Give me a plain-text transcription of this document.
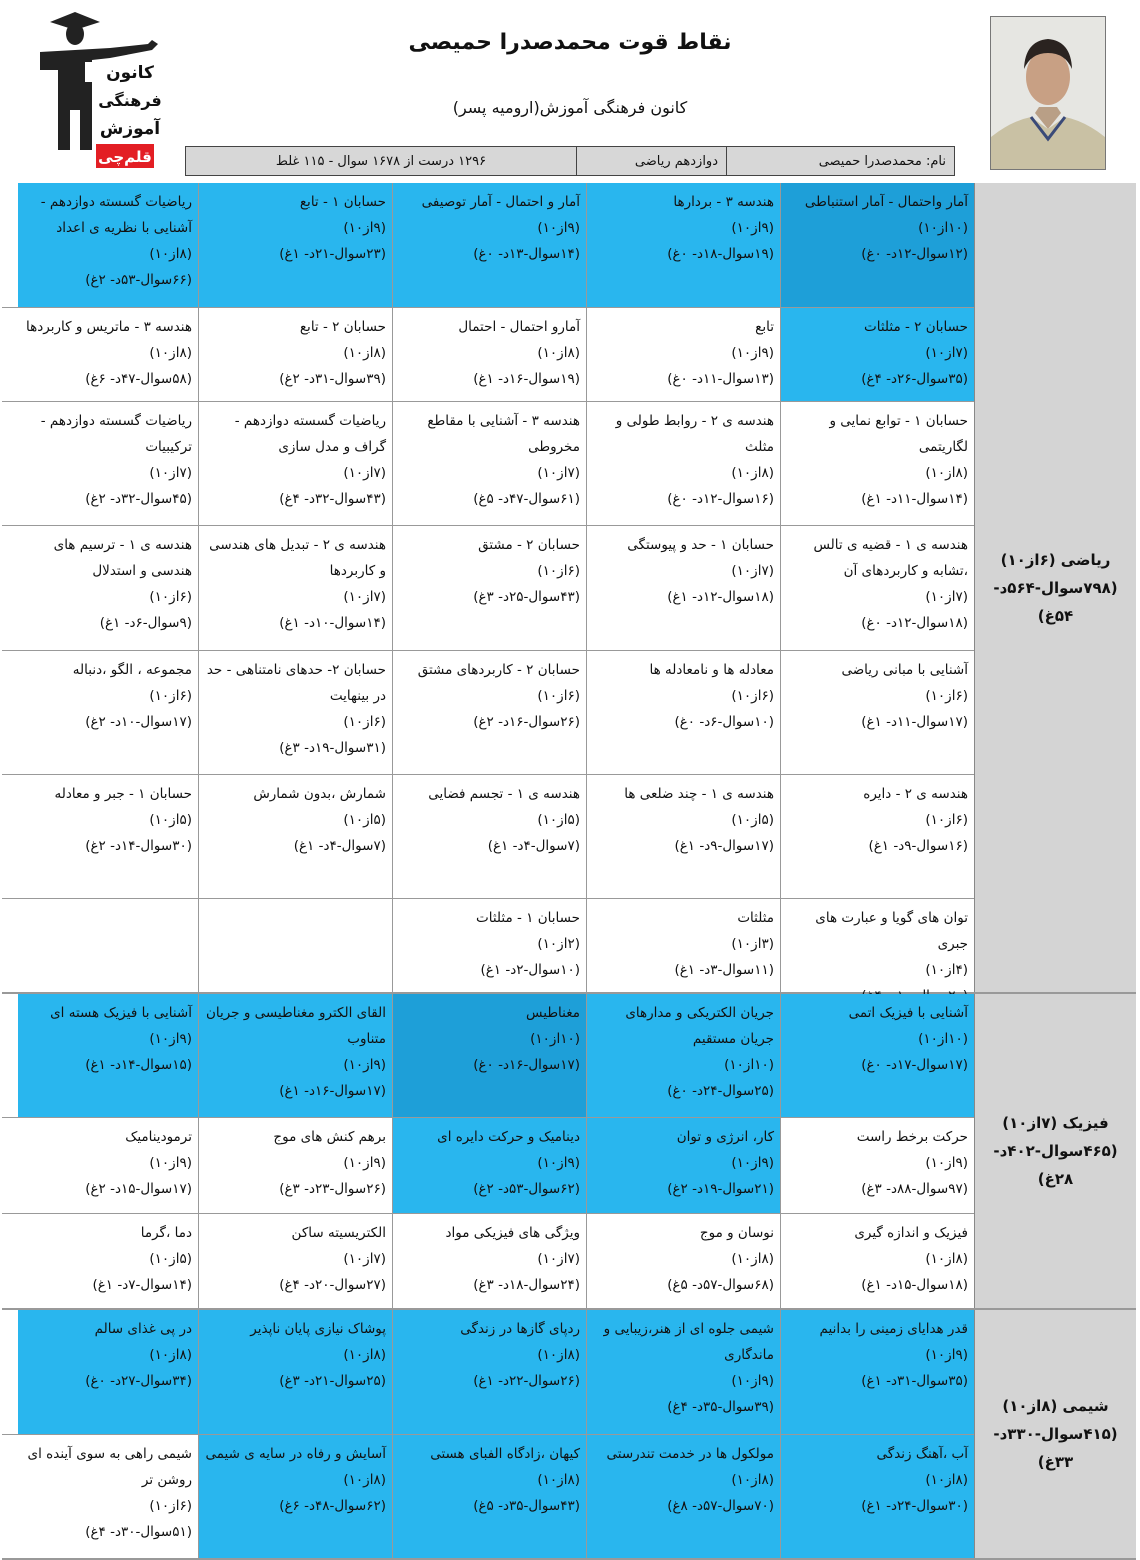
کانون
فرهنگی
آموزش
قلم‌چی
نقاط قوت محمدصدرا حمیصی
کانون فرهنگی آموزش(ارومیه پسر)
نام: محمدصدرا حمیصی
دوازدهم ریاضی
۱۲۹۶ درست از ۱۶۷۸ سوال - ۱۱۵ غلط
ریاضی (۶از۱۰) (۷۹۸سوال-۵۶۴د- ۵۴غ)
آمار واحتمال - آمار استنباطی
(۱۰از۱۰)
(۱۲سوال-۱۲د- ۰غ)
هندسه ۳ - بردارها
(۹از۱۰)
(۱۹سوال-۱۸د- ۰غ)
آمار و احتمال - آمار توصیفی
(۹از۱۰)
(۱۴سوال-۱۳د- ۰غ)
حسابان ۱ - تابع
(۹از۱۰)
(۲۳سوال-۲۱د- ۱غ)
ریاضیات گسسته دوازدهم - آشنایی با نظریه ی اعداد
(۸از۱۰)
(۶۶سوال-۵۳د- ۲غ)
حسابان ۲ - مثلثات
(۷از۱۰)
(۳۵سوال-۲۶د- ۴غ)
تابع
(۹از۱۰)
(۱۳سوال-۱۱د- ۰غ)
آمارو احتمال - احتمال
(۸از۱۰)
(۱۹سوال-۱۶د- ۱غ)
حسابان ۲ - تابع
(۸از۱۰)
(۳۹سوال-۳۱د- ۲غ)
هندسه ۳ - ماتریس و کاربردها
(۸از۱۰)
(۵۸سوال-۴۷د- ۶غ)
حسابان ۱ - توابع نمایی و لگاریتمی
(۸از۱۰)
(۱۴سوال-۱۱د- ۱غ)
هندسه ی ۲ - روابط طولی و مثلث
(۸از۱۰)
(۱۶سوال-۱۲د- ۰غ)
هندسه ۳ - آشنایی با مقاطع مخروطی
(۷از۱۰)
(۶۱سوال-۴۷د- ۵غ)
ریاضیات گسسته دوازدهم - گراف و مدل سازی
(۷از۱۰)
(۴۳سوال-۳۲د- ۴غ)
ریاضیات گسسته دوازدهم - ترکیبیات
(۷از۱۰)
(۴۵سوال-۳۲د- ۲غ)
هندسه ی ۱ - قضیه ی تالس ،تشابه و کاربردهای آن
(۷از۱۰)
(۱۸سوال-۱۲د- ۰غ)
حسابان ۱ - حد و پیوستگی
(۷از۱۰)
(۱۸سوال-۱۲د- ۱غ)
حسابان ۲ - مشتق
(۶از۱۰)
(۴۳سوال-۲۵د- ۳غ)
هندسه ی ۲ - تبدیل های هندسی و کاربردها
(۷از۱۰)
(۱۴سوال-۱۰د- ۱غ)
هندسه ی ۱ - ترسیم های هندسی و استدلال
(۶از۱۰)
(۹سوال-۶د- ۱غ)
آشنایی با مبانی ریاضی
(۶از۱۰)
(۱۷سوال-۱۱د- ۱غ)
معادله ها و نامعادله ها
(۶از۱۰)
(۱۰سوال-۶د- ۰غ)
حسابان ۲ - کاربردهای مشتق
(۶از۱۰)
(۲۶سوال-۱۶د- ۲غ)
حسابان ۲- حدهای نامتناهی - حد در بینهایت
(۶از۱۰)
(۳۱سوال-۱۹د- ۳غ)
مجموعه ، الگو ،دنباله
(۶از۱۰)
(۱۷سوال-۱۰د- ۲غ)
هندسه ی ۲ - دایره
(۶از۱۰)
(۱۶سوال-۹د- ۱غ)
هندسه ی ۱ - چند ضلعی ها
(۵از۱۰)
(۱۷سوال-۹د- ۱غ)
هندسه ی ۱ - تجسم فضایی
(۵از۱۰)
(۷سوال-۴د- ۱غ)
شمارش ،بدون شمارش
(۵از۱۰)
(۷سوال-۴د- ۱غ)
حسابان ۱ - جبر و معادله
(۵از۱۰)
(۳۰سوال-۱۴د- ۲غ)
توان های گویا و عبارت های جبری
(۴از۱۰)
مثلثات
(۳از۱۰)
(۱۱سوال-۳د- ۱غ)
حسابان ۱ - مثلثات
(۲از۱۰)
(۱۰سوال-۲د- ۱غ)
فیزیک (۷از۱۰) (۴۶۵سوال-۴۰۲د- ۲۸غ)
آشنایی با فیزیک اتمی
(۱۰از۱۰)
(۱۷سوال-۱۷د- ۰غ)
جریان الکتریکی و مدارهای جریان مستقیم
(۱۰از۱۰)
(۲۵سوال-۲۴د- ۰غ)
مغناطیس
(۱۰از۱۰)
(۱۷سوال-۱۶د- ۰غ)
القای الکترو مغناطیسی و جریان متناوب
(۹از۱۰)
(۱۷سوال-۱۶د- ۱غ)
آشنایی با فیزیک هسته ای
(۹از۱۰)
(۱۵سوال-۱۴د- ۱غ)
حرکت برخط راست
(۹از۱۰)
(۹۷سوال-۸۸د- ۳غ)
کار، انرژی و توان
(۹از۱۰)
(۲۱سوال-۱۹د- ۲غ)
دینامیک و حرکت دایره ای
(۹از۱۰)
(۶۲سوال-۵۳د- ۲غ)
برهم کنش های موج
(۹از۱۰)
(۲۶سوال-۲۳د- ۳غ)
ترمودینامیک
(۹از۱۰)
(۱۷سوال-۱۵د- ۲غ)
فیزیک و اندازه گیری
(۸از۱۰)
(۱۸سوال-۱۵د- ۱غ)
نوسان و موج
(۸از۱۰)
(۶۸سوال-۵۷د- ۵غ)
ویژگی های فیزیکی مواد
(۷از۱۰)
(۲۴سوال-۱۸د- ۳غ)
الکتریسیته ساکن
(۷از۱۰)
(۲۷سوال-۲۰د- ۴غ)
دما ،گرما
(۵از۱۰)
(۱۴سوال-۷د- ۱غ)
شیمی (۸از۱۰) (۴۱۵سوال-۳۳۰د- ۳۳غ)
قدر هدایای زمینی را بدانیم
(۹از۱۰)
(۳۵سوال-۳۱د- ۱غ)
شیمی جلوه ای از هنر،زیبایی و ماندگاری
(۹از۱۰)
(۳۹سوال-۳۵د- ۴غ)
ردپای گازها در زندگی
(۸از۱۰)
(۲۶سوال-۲۲د- ۱غ)
پوشاک نیازی پایان ناپذیر
(۸از۱۰)
(۲۵سوال-۲۱د- ۳غ)
در پی غذای سالم
(۸از۱۰)
(۳۴سوال-۲۷د- ۰غ)
آب ،آهنگ زندگی
(۸از۱۰)
(۳۰سوال-۲۴د- ۱غ)
مولکول ها در خدمت تندرستی
(۸از۱۰)
(۷۰سوال-۵۷د- ۸غ)
کیهان ،زادگاه الفبای هستی
(۸از۱۰)
(۴۳سوال-۳۵د- ۵غ)
آسایش و رفاه در سایه ی شیمی
(۸از۱۰)
(۶۲سوال-۴۸د- ۶غ)
شیمی راهی به سوی آینده ای روشن تر
(۶از۱۰)
(۵۱سوال-۳۰د- ۴غ)
